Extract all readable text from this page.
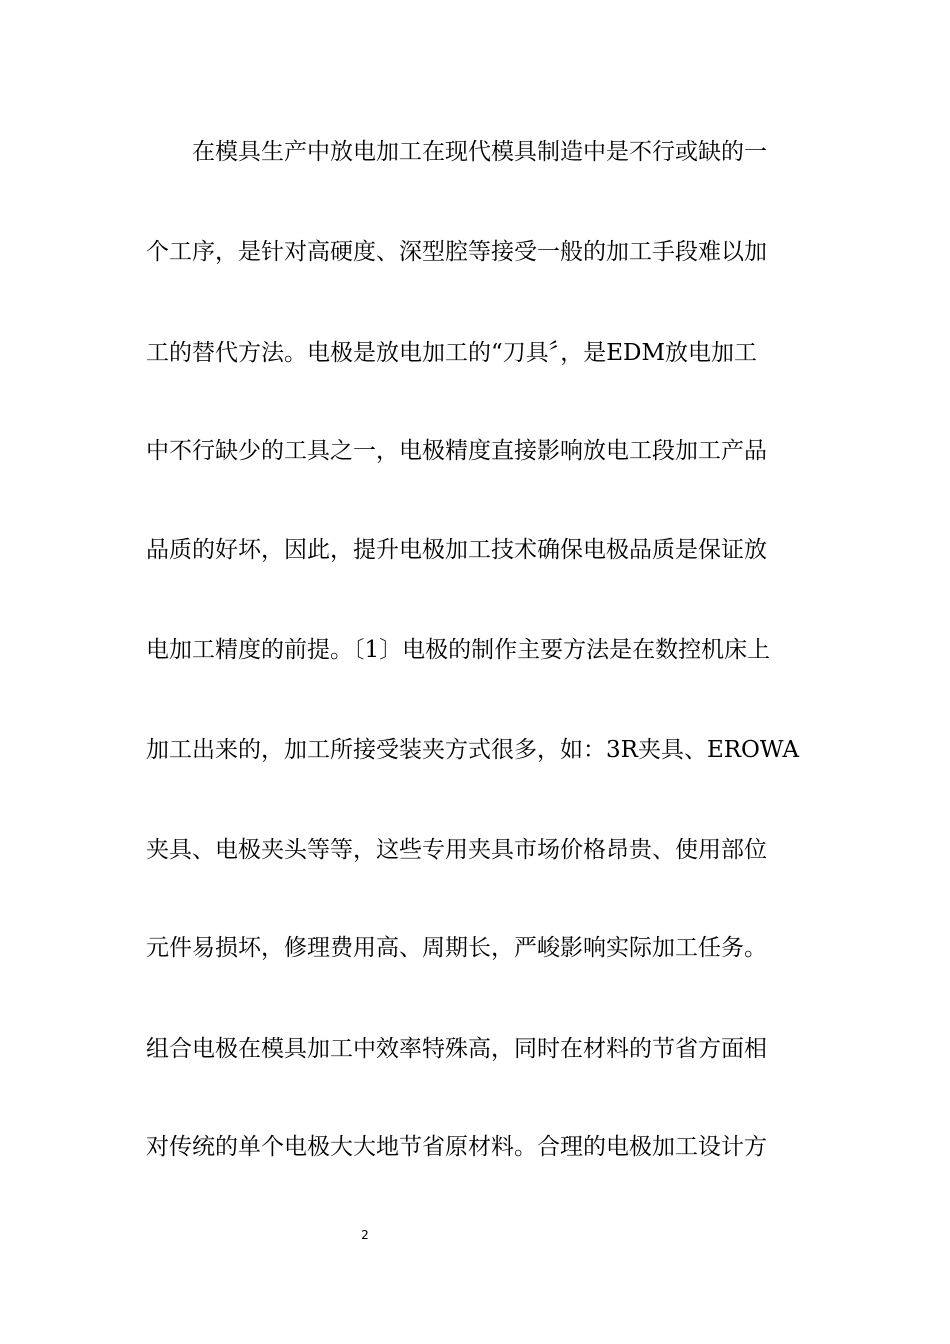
　　在模具生产中放电加工在现代模具制造中是不行或缺的一
个工序，是针对高硬度、深型腔等接受一般的加工手段难以加
工的替代方法。电极是放电加工的“刀具〞，是EDM放电加工
中不行缺少的工具之一，电极精度直接影响放电工段加工产品
品质的好坏，因此，提升电极加工技术确保电极品质是保证放
电加工精度的前提。〔1〕电极的制作主要方法是在数控机床上
加工出来的，加工所接受装夹方式很多，如：3R夹具、EROWA
夹具、电极夹头等等，这些专用夹具市场价格昂贵、使用部位
元件易损坏，修理费用高、周期长，严峻影响实际加工任务。
组合电极在模具加工中效率特殊高，同时在材料的节省方面相
对传统的单个电极大大地节省原材料。合理的电极加工设计方
2
